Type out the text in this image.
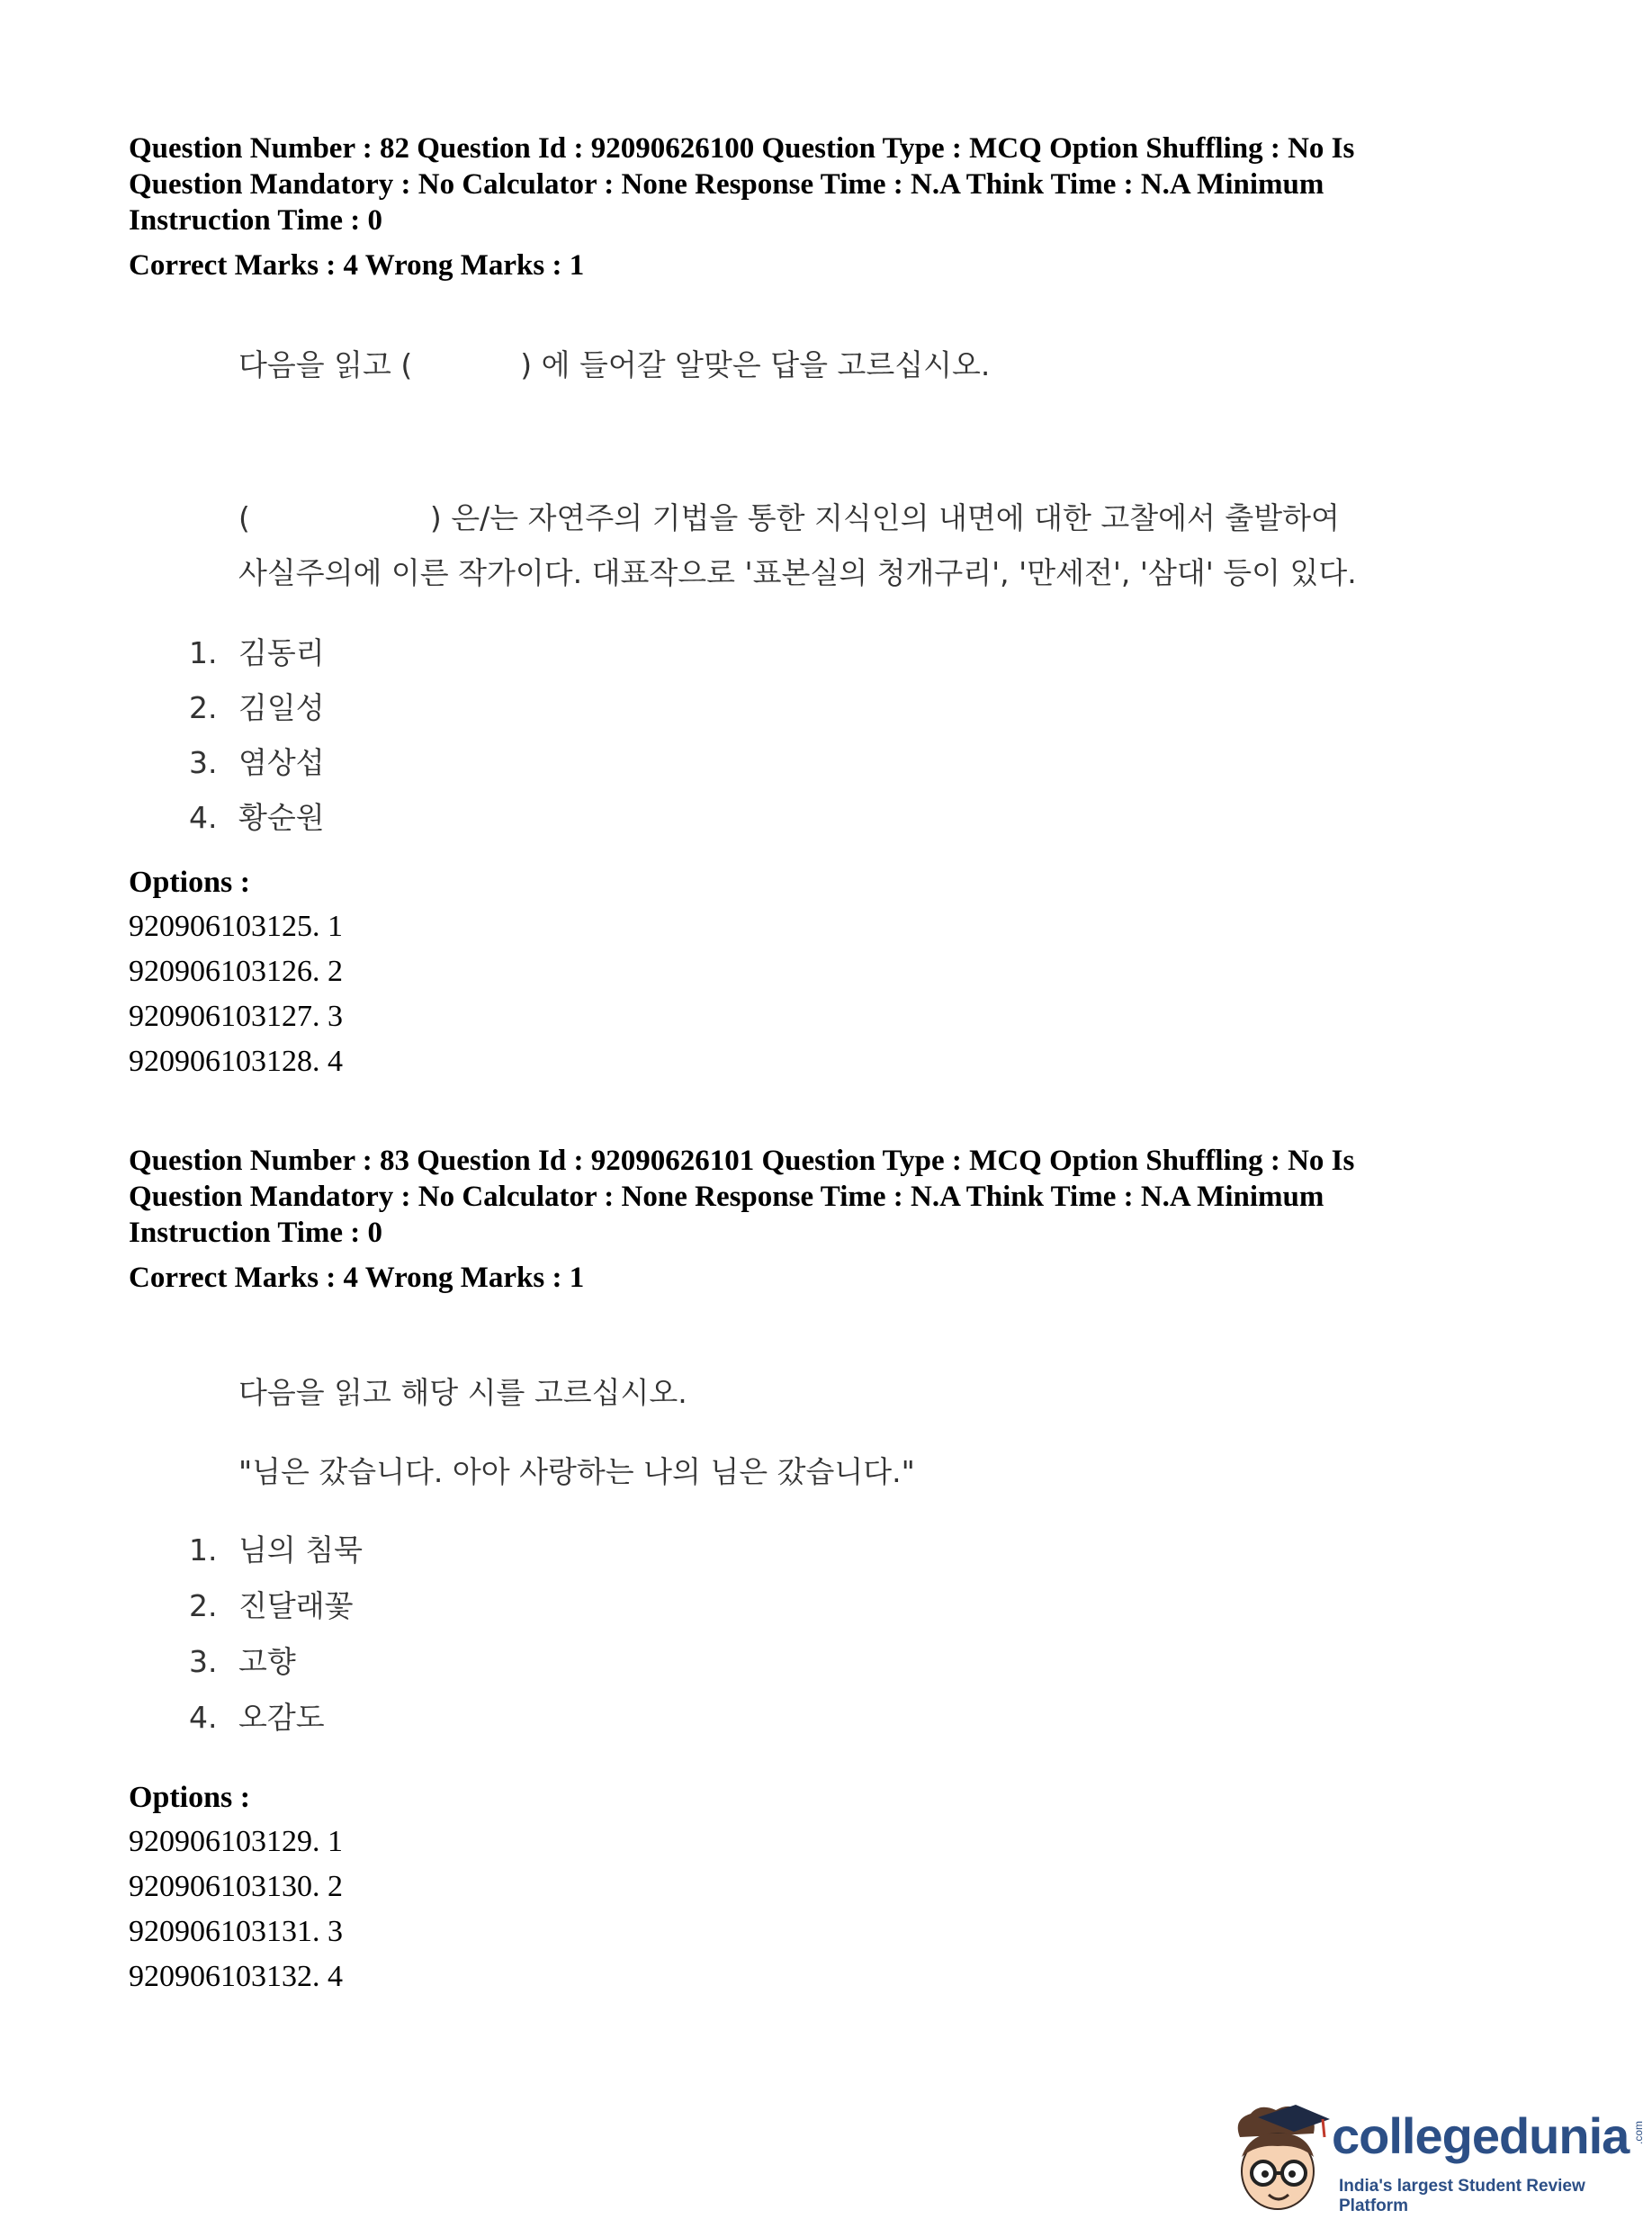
Question Number : 82 Question Id : 92090626100 Question Type : MCQ Option Shuffling : No Is

Question Mandatory : No Calculator : None Response Time : N.A Think Time : N.A Minimum

Instruction Time : 0

Correct Marks : 4 Wrong Marks : 1
다음을 읽고 (	) 에 들어갈 알맞은 답을 고르십시오.
(	) 은/는 자연주의 기법을 통한 지식인의 내면에 대한 고찰에서 출발하여
사실주의에 이른 작가이다. 대표작으로 '표본실의 청개구리', '만세전', '삼대' 등이 있다.
1. 김동리
2. 김일성
3. 염상섭
4. 황순원
Options :
920906103125. 1
920906103126. 2
920906103127. 3
920906103128. 4

Question Number : 83 Question Id : 92090626101 Question Type : MCQ Option Shuffling : No Is

Question Mandatory : No Calculator : None Response Time : N.A Think Time : N.A Minimum

Instruction Time : 0

Correct Marks : 4 Wrong Marks : 1
다음을 읽고 해당 시를 고르십시오.
"님은 갔습니다. 아아 사랑하는 나의 님은 갔습니다."
1. 님의 침묵
2. 진달래꽃
3. 고향
4. 오감도
Options :
920906103129. 1
920906103130. 2
920906103131. 3
920906103132. 4
collegedunia .com
India's largest Student Review Platform
